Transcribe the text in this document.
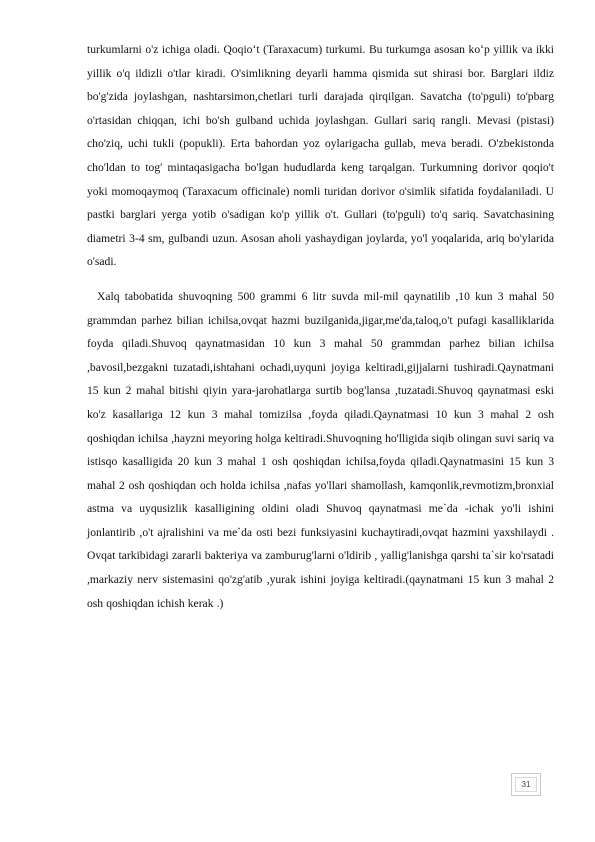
turkumlarni o'z ichiga oladi. Qoqio‘t (Taraxacum) turkumi. Bu turkumga asosan ko‘p yillik va ikki yillik o'q ildizli o'tlar kiradi. O'simlikning deyarli hamma qismida sut shirasi bor. Barglari ildiz bo'g'zida joylashgan, nashtarsimon,chetlari turli darajada qirqilgan. Savatcha (to'pguli) to'pbarg o'rtasidan chiqqan, ichi bo'sh gulband uchida joylashgan. Gullari sariq rangli. Mevasi (pistasi) cho'ziq, uchi tukli (popukli). Erta bahordan yoz oylarigacha gullab, meva beradi. O'zbekistonda cho'ldan to tog' mintaqasigacha bo'lgan hududlarda keng tarqalgan. Turkumning dorivor qoqio't yoki momoqaymoq (Taraxacum officinale) nomli turidan dorivor o'simlik sifatida foydalaniladi. U pastki barglari yerga yotib o'sadigan ko'p yillik o't. Gullari (to'pguli) to'q sariq. Savatchasining diametri 3-4 sm, gulbandi uzun. Asosan aholi yashaydigan joylarda, yo'l yoqalarida, ariq bo'ylarida o'sadi.

Xalq tabobatida shuvoqning 500 grammi 6 litr suvda mil-mil qaynatilib ,10 kun 3 mahal 50 grammdan parhez bilian ichilsa,ovqat hazmi buzilganida,jigar,me'da,taloq,o't pufagi kasalliklarida foyda qiladi.Shuvoq qaynatmasidan 10 kun 3 mahal 50 grammdan parhez bilian ichilsa ,bavosil,bezgakni tuzatadi,ishtahani ochadi,uyquni joyiga keltiradi,gijjalarni tushiradi.Qaynatmani 15 kun 2 mahal bitishi qiyin yara-jarohatlarga surtib bog'lansa ,tuzatadi.Shuvoq qaynatmasi eski ko'z kasallariga 12 kun 3 mahal tomizilsa ,foyda qiladi.Qaynatmasi 10 kun 3 mahal 2 osh qoshiqdan ichilsa ,hayzni meyoring holga keltiradi.Shuvoqning ho'lligida siqib olingan suvi sariq va istisqo kasalligida 20 kun 3 mahal 1 osh qoshiqdan ichilsa,foyda qiladi.Qaynatmasini 15 kun 3 mahal 2 osh qoshiqdan och holda ichilsa ,nafas yo'llari shamollash, kamqonlik,revmotizm,bronxial astma va uyqusizlik kasalligining oldini oladi Shuvoq qaynatmasi me`da -ichak yo'li ishini jonlantirib ,o't ajralishini va me`da osti bezi funksiyasini kuchaytiradi,ovqat hazmini yaxshilaydi . Ovqat tarkibidagi zararli bakteriya va zamburug'larni o'ldirib , yallig'lanishga qarshi ta`sir ko'rsatadi ,markaziy nerv sistemasini qo'zg'atib ,yurak ishini joyiga keltiradi.(qaynatmani 15 kun 3 mahal 2 osh qoshiqdan ichish kerak .)

31
